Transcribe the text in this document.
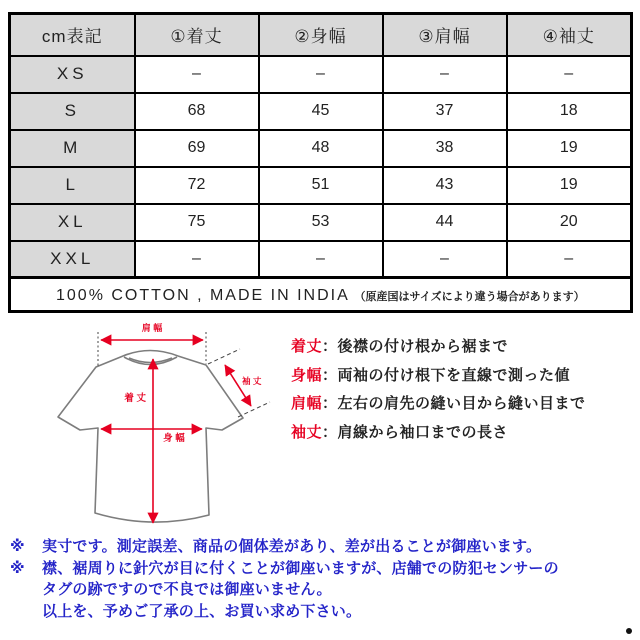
cm表記	①着丈	②身幅	③肩幅	④袖丈
XS	–	–	–	–
S	68	45	37	18
M	69	48	38	19
L	72	51	43	19
XL	75	53	44	20
XXL	–	–	–	–
100% COTTON , MADE IN INDIA （原産国はサイズにより違う場合があります）				
肩 幅
着 丈
身 幅
袖 丈
着丈：後襟の付け根から裾まで
身幅：両袖の付け根下を直線で測った値
肩幅：左右の肩先の縫い目から縫い目まで
袖丈：肩線から袖口までの長さ
※	実寸です。測定誤差、商品の個体差があり、差が出ることが御座います。
※	襟、裾周りに針穴が目に付くことが御座いますが、店舗での防犯センサーのタグの跡ですので不良では御座いません。
以上を、予めご了承の上、お買い求め下さい。
